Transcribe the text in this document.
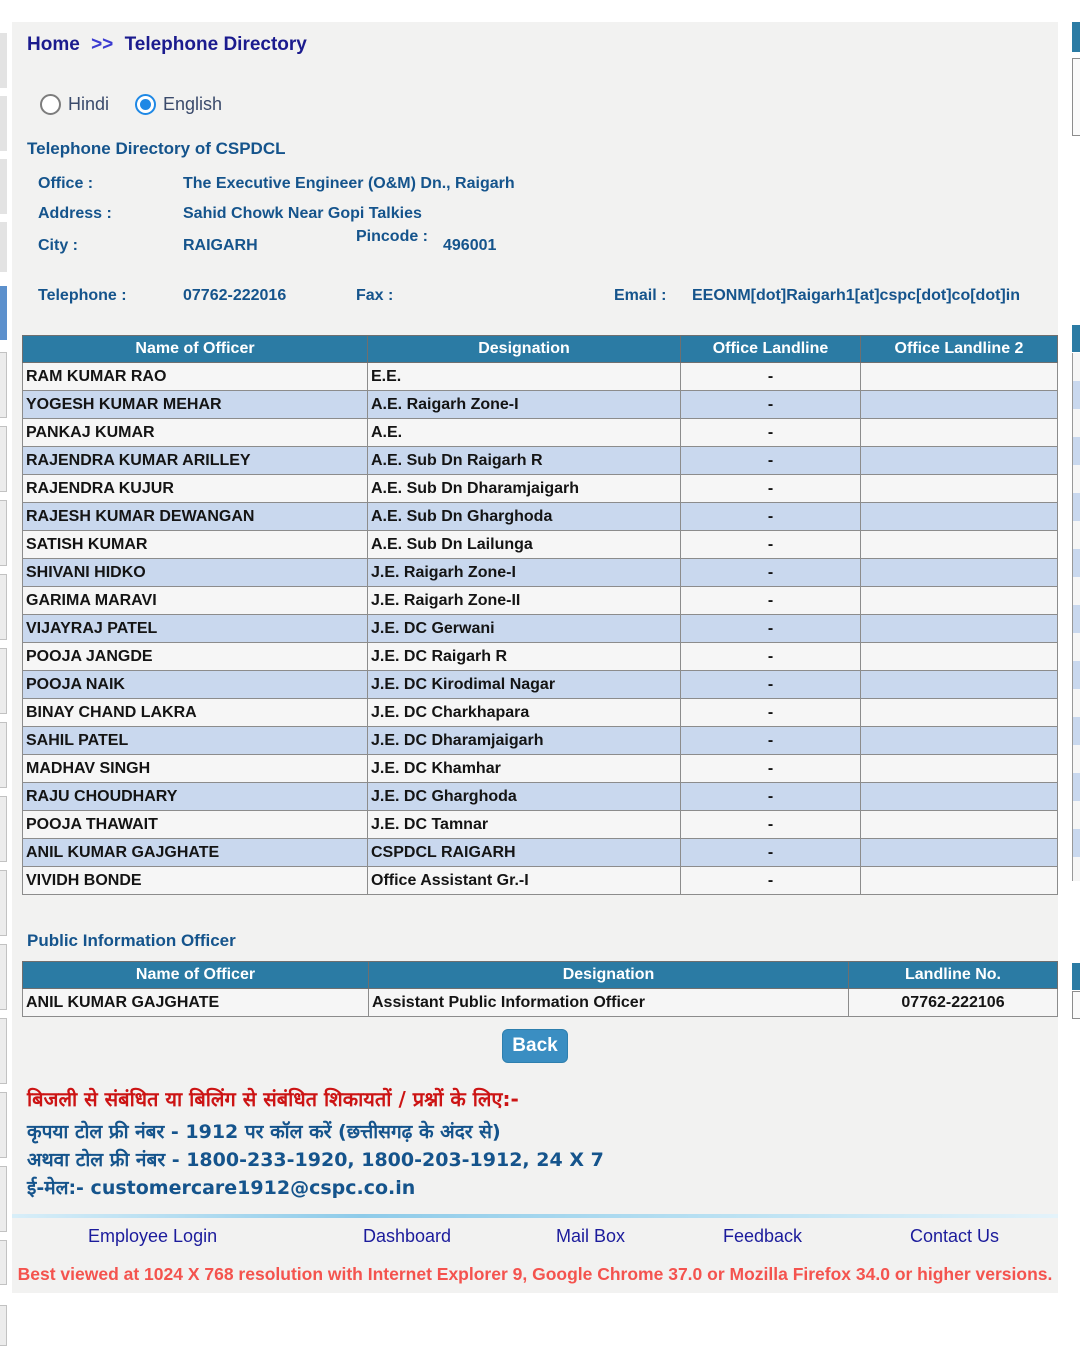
Home >> Telephone Directory
Hindi	English
Telephone Directory of CSPDCL
Office :	The Executive Engineer (O&M) Dn., Raigarh
Address :	Sahid Chowk Near Gopi Talkies
City :	RAIGARH
Pincode :
496001
Telephone :	07762-222016	Fax :	Email : EEONM[dot]Raigarh1[at]cspc[dot]co[dot]in
Name of Officer	Designation	Office Landline	Office Landline 2
RAM KUMAR RAO	E.E.	-	
YOGESH KUMAR MEHAR	A.E. Raigarh Zone-I	-	
PANKAJ KUMAR	A.E.	-	
RAJENDRA KUMAR ARILLEY	A.E. Sub Dn Raigarh R	-	
RAJENDRA KUJUR	A.E. Sub Dn Dharamjaigarh	-	
RAJESH KUMAR DEWANGAN	A.E. Sub Dn Gharghoda	-	
SATISH KUMAR	A.E. Sub Dn Lailunga	-	
SHIVANI HIDKO	J.E. Raigarh Zone-I	-	
GARIMA MARAVI	J.E. Raigarh Zone-II	-	
VIJAYRAJ PATEL	J.E. DC Gerwani	-	
POOJA JANGDE	J.E. DC Raigarh R	-	
POOJA NAIK	J.E. DC Kirodimal Nagar	-	
BINAY CHAND LAKRA	J.E. DC Charkhapara	-	
SAHIL PATEL	J.E. DC Dharamjaigarh	-	
MADHAV SINGH	J.E. DC Khamhar	-	
RAJU CHOUDHARY	J.E. DC Gharghoda	-	
POOJA THAWAIT	J.E. DC Tamnar	-	
ANIL KUMAR GAJGHATE	CSPDCL RAIGARH	-	
VIVIDH BONDE	Office Assistant Gr.-I	-	
Public Information Officer
Name of Officer	Designation	Landline No.
ANIL KUMAR GAJGHATE	Assistant Public Information Officer	07762-222106
Back
बिजली से संबंधित या बिलिंग से संबंधित शिकायतों / प्रश्नों के लिए:-
कृपया टोल फ्री नंबर - 1912 पर कॉल करें (छत्तीसगढ़ के अंदर से)
अथवा टोल फ्री नंबर - 1800-233-1920, 1800-203-1912, 24 X 7
ई-मेल:- customercare1912@cspc.co.in
Employee Login	Dashboard	Mail Box	Feedback	Contact Us
Best viewed at 1024 X 768 resolution with Internet Explorer 9, Google Chrome 37.0 or Mozilla Firefox 34.0 or higher versions.
